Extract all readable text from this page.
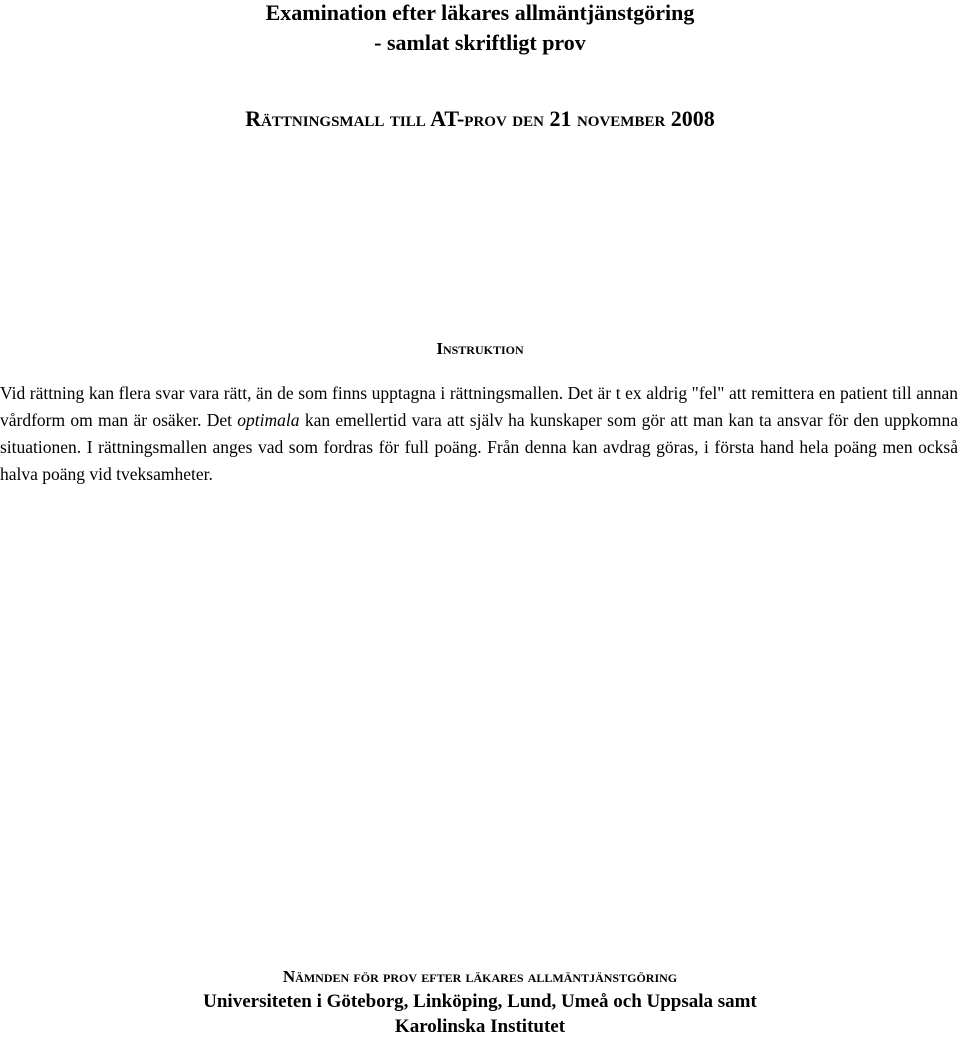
Examination efter läkares allmäntjänstgöring
- samlat skriftligt prov
Rättningsmall till AT-prov den 21 november 2008
Instruktion

Vid rättning kan flera svar vara rätt, än de som finns upptagna i rättningsmallen. Det är t ex aldrig "fel" att remittera en patient till annan vårdform om man är osäker. Det optimala kan emellertid vara att själv ha kunskaper som gör att man kan ta ansvar för den uppkomna situationen. I rättningsmallen anges vad som fordras för full poäng. Från denna kan avdrag göras, i första hand hela poäng men också halva poäng vid tveksamheter.

Nämnden för prov efter läkares allmäntjänstgöring
Universiteten i Göteborg, Linköping, Lund, Umeå och Uppsala samt
Karolinska Institutet
